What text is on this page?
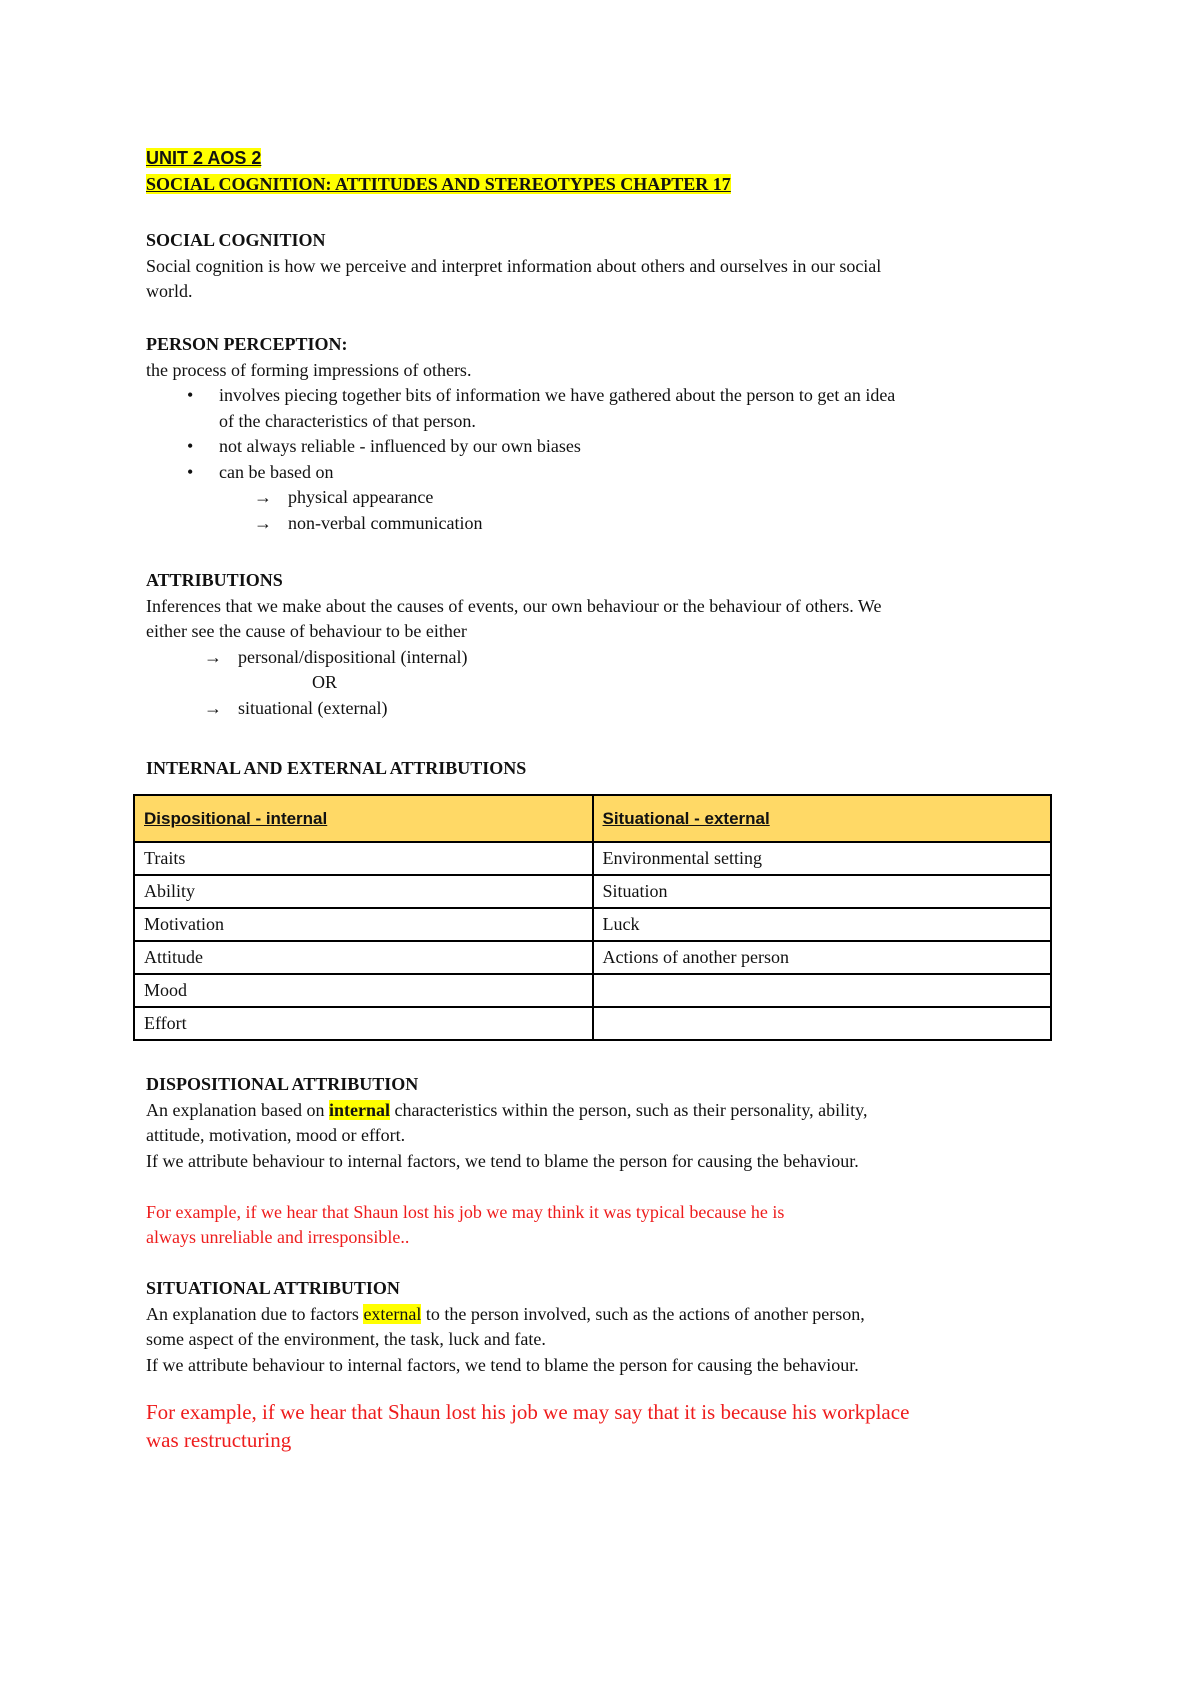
UNIT 2 AOS 2
SOCIAL COGNITION: ATTITUDES AND STEREOTYPES CHAPTER 17
SOCIAL COGNITION
Social cognition is how we perceive and interpret information about others and ourselves in our social
world.
PERSON PERCEPTION:
the process of forming impressions of others.
• involves piecing together bits of information we have gathered about the person to get an idea
of the characteristics of that person.
• not always reliable - influenced by our own biases
• can be based on
→ physical appearance
→ non-verbal communication
ATTRIBUTIONS
Inferences that we make about the causes of events, our own behaviour or the behaviour of others. We
either see the cause of behaviour to be either
→ personal/dispositional (internal)
OR
→ situational (external)
INTERNAL AND EXTERNAL ATTRIBUTIONS
DISPOSITIONAL ATTRIBUTION
An explanation based on internal characteristics within the person, such as their personality, ability,
attitude, motivation, mood or effort.
If we attribute behaviour to internal factors, we tend to blame the person for causing the behaviour.
For example, if we hear that Shaun lost his job we may think it was typical because he is
always unreliable and irresponsible..
SITUATIONAL ATTRIBUTION
An explanation due to factors external to the person involved, such as the actions of another person,
some aspect of the environment, the task, luck and fate.
If we attribute behaviour to internal factors, we tend to blame the person for causing the behaviour.
For example, if we hear that Shaun lost his job we may say that it is because his workplace
was restructuring
Dispositional - internal	Situational - external
Traits	Environmental setting
Ability	Situation
Motivation	Luck
Attitude	Actions of another person
Mood	
Effort	
